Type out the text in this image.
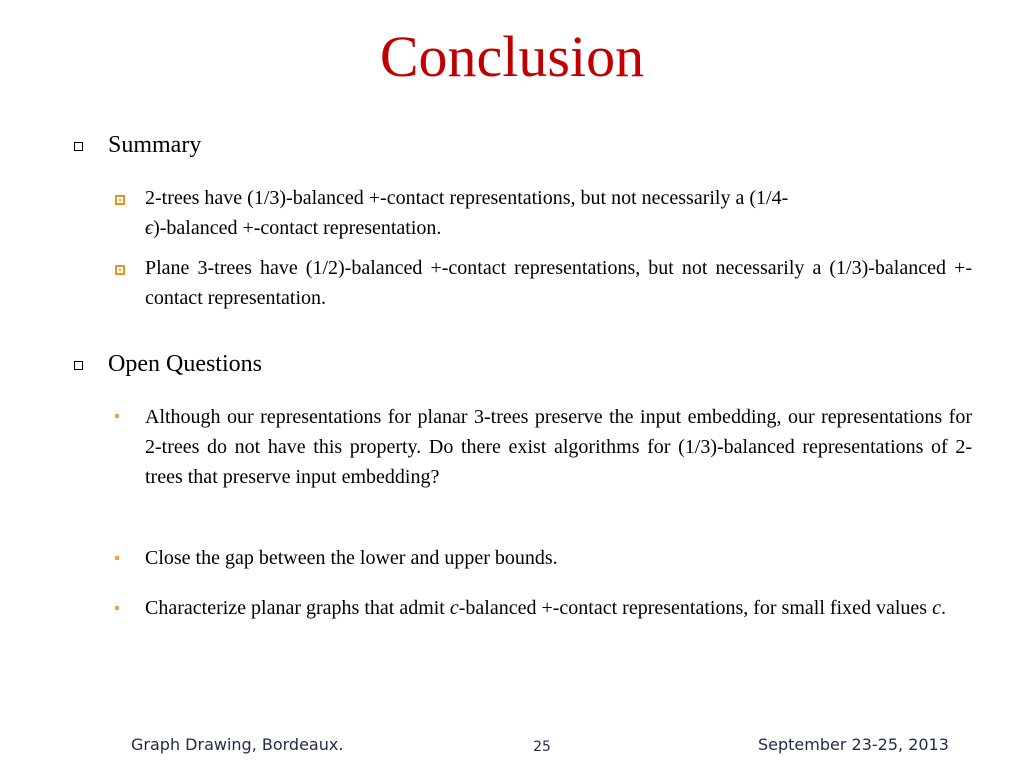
Conclusion
Summary
2-trees have (1/3)-balanced +-contact representations, but not necessarily a (1/4-
ϵ)-balanced +-contact representation.
Plane 3-trees have (1/2)-balanced +-contact representations, but not necessarily a (1/3)-balanced +-contact representation.
Open Questions
Although our representations for planar 3-trees preserve the input embedding, our representations for 2-trees do not have this property. Do there exist algorithms for (1/3)-balanced representations of 2-trees that preserve input embedding?
Close the gap between the lower and upper bounds.
Characterize planar graphs that admit c-balanced +-contact representations, for small fixed values c.
Graph Drawing, Bordeaux.	25	September 23-25, 2013
